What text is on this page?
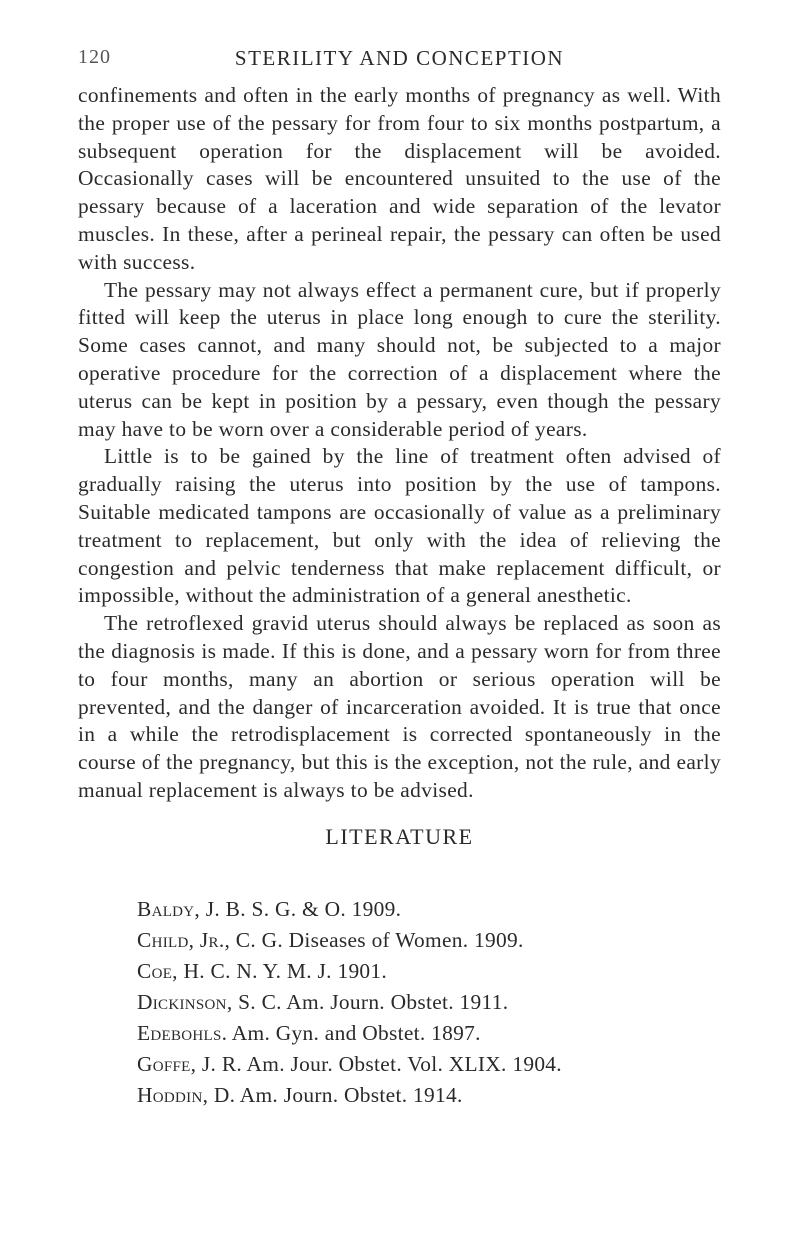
120	STERILITY AND CONCEPTION

confinements and often in the early months of pregnancy as well. With the proper use of the pessary for from four to six months postpartum, a subsequent operation for the displacement will be avoided. Occasionally cases will be encountered unsuited to the use of the pessary because of a laceration and wide separation of the levator muscles. In these, after a perineal repair, the pessary can often be used with success.

The pessary may not always effect a permanent cure, but if properly fitted will keep the uterus in place long enough to cure the sterility. Some cases cannot, and many should not, be subjected to a major operative procedure for the correction of a displacement where the uterus can be kept in position by a pessary, even though the pessary may have to be worn over a considerable period of years.

Little is to be gained by the line of treatment often advised of gradually raising the uterus into position by the use of tampons. Suitable medicated tampons are occasionally of value as a preliminary treatment to replacement, but only with the idea of relieving the congestion and pelvic tenderness that make replacement difficult, or impossible, without the administration of a general anesthetic.

The retroflexed gravid uterus should always be replaced as soon as the diagnosis is made. If this is done, and a pessary worn for from three to four months, many an abortion or serious operation will be prevented, and the danger of incarceration avoided. It is true that once in a while the retrodisplacement is corrected spontaneously in the course of the pregnancy, but this is the exception, not the rule, and early manual replacement is always to be advised.

LITERATURE
Baldy, J. B. S. G. & O. 1909.
Child, Jr., C. G. Diseases of Women. 1909.
Coe, H. C. N. Y. M. J. 1901.
Dickinson, S. C. Am. Journ. Obstet. 1911.
Edebohls. Am. Gyn. and Obstet. 1897.
Goffe, J. R. Am. Jour. Obstet. Vol. XLIX. 1904.
Hoddin, D. Am. Journ. Obstet. 1914.
